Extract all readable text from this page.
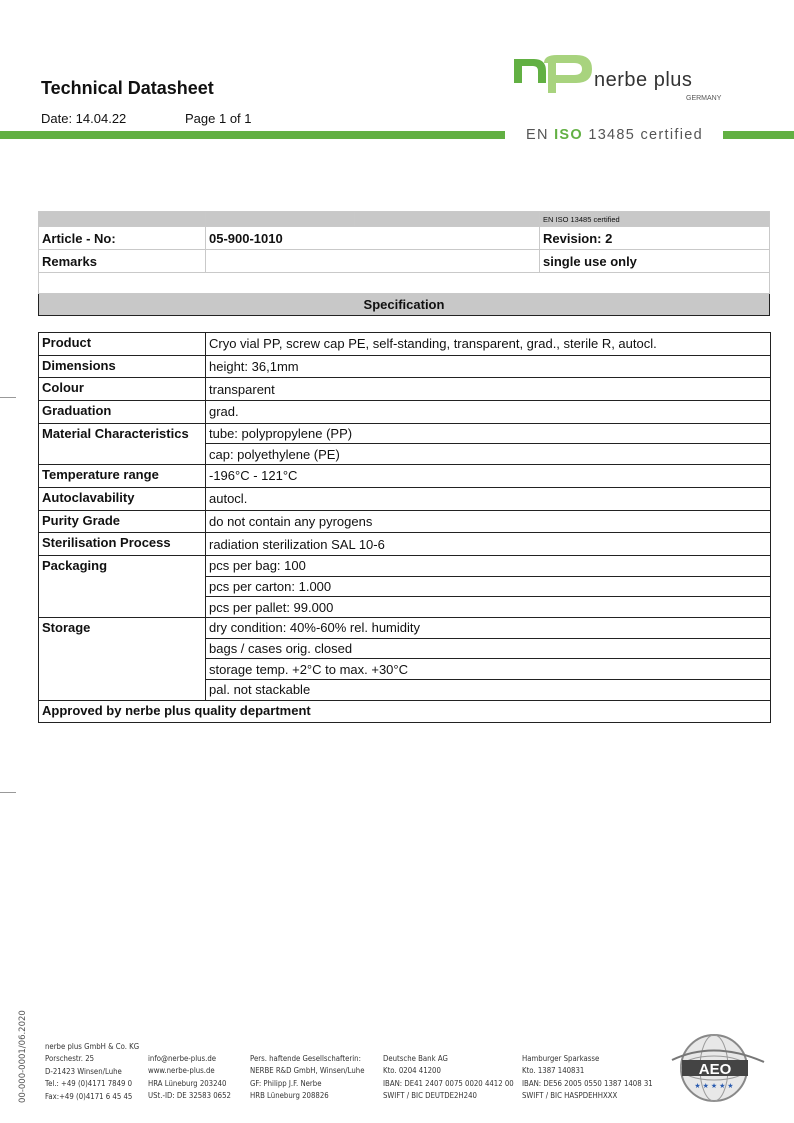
Technical Datasheet
Date: 14.04.22	Page 1 of 1
nerbe plus
GERMANY
EN ISO 13485 certified
			EN ISO 13485 certified
Article - No:	05-900-1010		Revision: 2
Remarks			single use only

Specification			
Product	Cryo vial PP, screw cap PE, self-standing, transparent, grad., sterile R, autocl.
Dimensions	height: 36,1mm
Colour	transparent
Graduation	grad.
Material Characteristics	tube: polypropylene (PP)
	cap: polyethylene (PE)
Temperature range	-196°C - 121°C
Autoclavability	autocl.
Purity Grade	do not contain any pyrogens
Sterilisation Process	radiation sterilization SAL 10-6
Packaging	pcs per bag: 100
	pcs per carton: 1.000
	pcs per pallet: 99.000
Storage	dry condition: 40%-60% rel. humidity
	bags / cases orig. closed
	storage temp. +2°C to max. +30°C
	pal. not stackable
Approved by nerbe plus quality department	
00-000-0001/06.2020 nerbe plus GmbH & Co. KG
Porschestr. 25
D-21423 Winsen/Luhe
Tel.: +49 (0)4171 7849 0
Fax:+49 (0)4171 6 45 45
info@nerbe-plus.de
www.nerbe-plus.de
HRA Lüneburg 203240
USt.-ID: DE 32583 0652
Pers. haftende Gesellschafterin:
NERBE R&D GmbH, Winsen/Luhe
GF: Philipp J.F. Nerbe
HRB Lüneburg 208826
Deutsche Bank AG
Kto. 0204 41200
IBAN: DE41 2407 0075 0020 4412 00
SWIFT / BIC DEUTDE2H240
Hamburger Sparkasse
Kto. 1387 140831
IBAN: DE56 2005 0550 1387 1408 31
SWIFT / BIC HASPDEHHXXX
AEO
★ ★ ★ ★ ★
